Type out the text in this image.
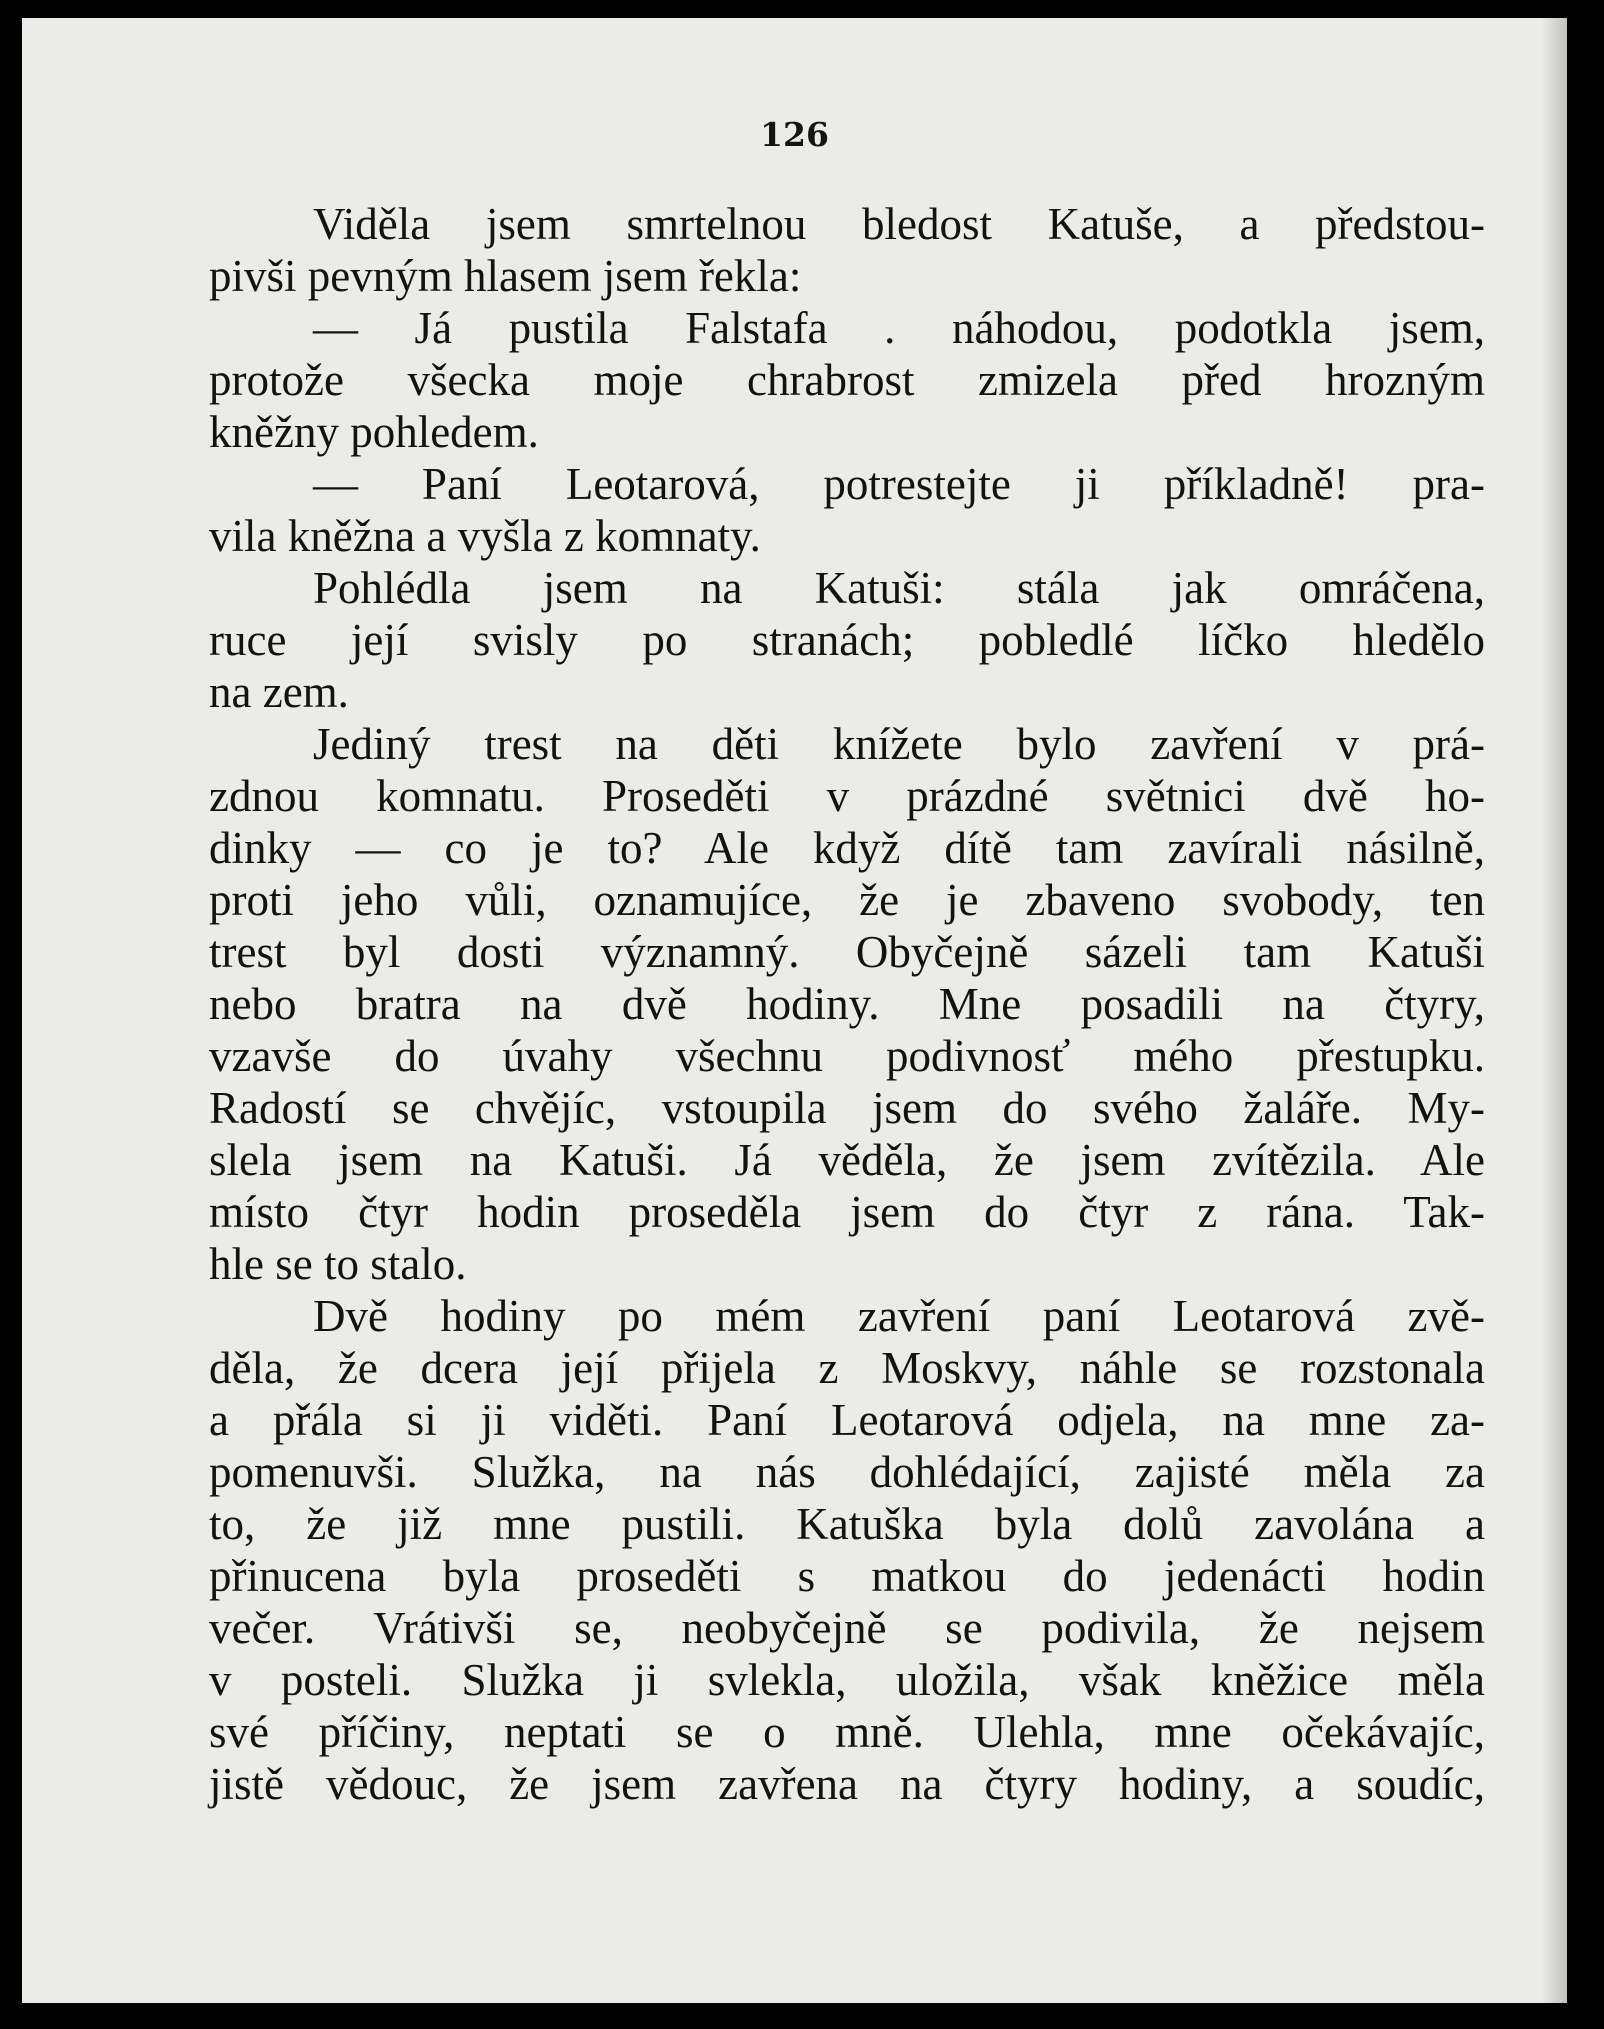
126

Viděla jsem smrtelnou bledost Katuše, a předstou-
pivši pevným hlasem jsem řekla:
— Já pustila Falstafa . náhodou, podotkla jsem,
protože všecka moje chrabrost zmizela před hrozným
kněžny pohledem.
— Paní Leotarová, potrestejte ji příkladně! pra-
vila kněžna a vyšla z komnaty.
Pohlédla jsem na Katuši: stála jak omráčena,
ruce její svisly po stranách; pobledlé líčko hledělo
na zem.
Jediný trest na děti knížete bylo zavření v prá-
zdnou komnatu. Proseděti v prázdné světnici dvě ho-
dinky — co je to? Ale když dítě tam zavírali násilně,
proti jeho vůli, oznamujíce, že je zbaveno svobody, ten
trest byl dosti významný. Obyčejně sázeli tam Katuši
nebo bratra na dvě hodiny. Mne posadili na čtyry,
vzavše do úvahy všechnu podivnosť mého přestupku.
Radostí se chvějíc, vstoupila jsem do svého žaláře. My-
slela jsem na Katuši. Já věděla, že jsem zvítězila. Ale
místo čtyr hodin proseděla jsem do čtyr z rána. Tak-
hle se to stalo.
Dvě hodiny po mém zavření paní Leotarová zvě-
děla, že dcera její přijela z Moskvy, náhle se rozstonala
a přála si ji viděti. Paní Leotarová odjela, na mne za-
pomenuvši. Služka, na nás dohlédající, zajisté měla za
to, že již mne pustili. Katuška byla dolů zavolána a
přinucena byla proseděti s matkou do jedenácti hodin
večer. Vrátivši se, neobyčejně se podivila, že nejsem
v posteli. Služka ji svlekla, uložila, však kněžice měla
své příčiny, neptati se o mně. Ulehla, mne očekávajíc,
jistě vědouc, že jsem zavřena na čtyry hodiny, a soudíc,
